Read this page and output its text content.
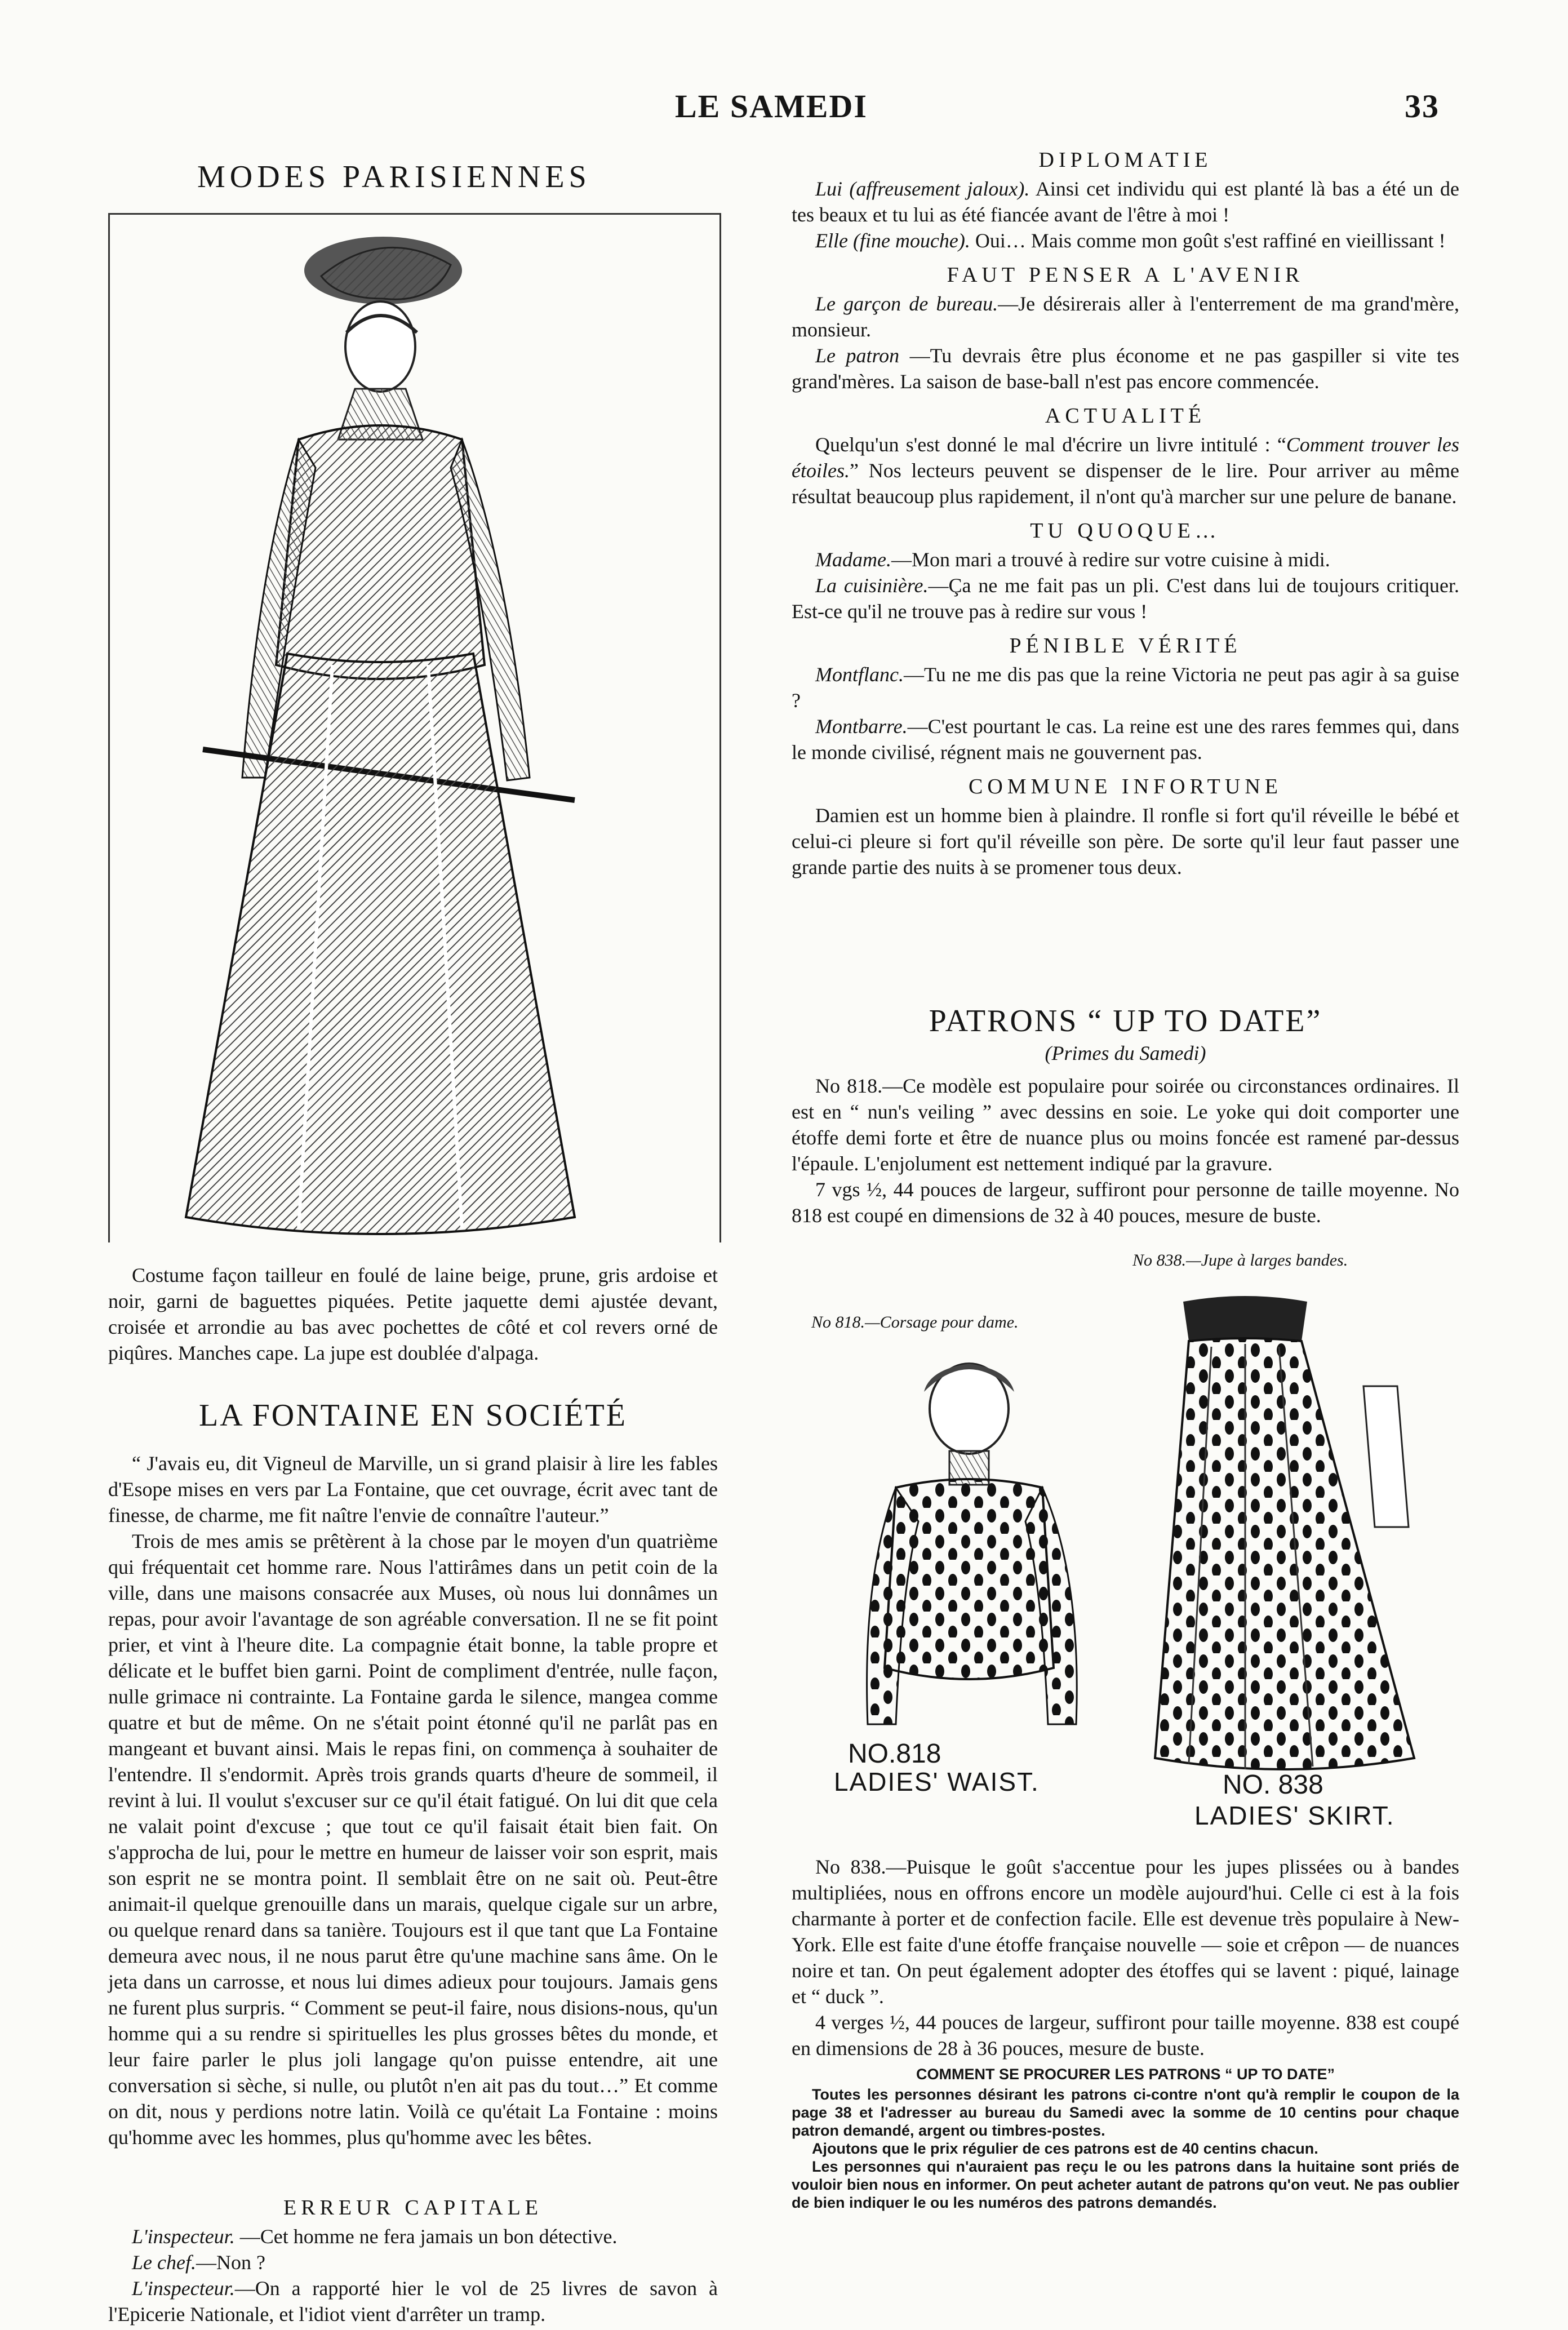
LE SAMEDI	33
MODES PARISIENNES

Costume façon tailleur en foulé de laine beige, prune, gris ardoise et noir, garni de baguettes piquées. Petite jaquette demi ajustée devant, croisée et arrondie au bas avec pochettes de côté et col revers orné de piqûres. Manches cape. La jupe est doublée d'alpaga.

LA FONTAINE EN SOCIÉTÉ

“ J'avais eu, dit Vigneul de Marville, un si grand plaisir à lire les fables d'Esope mises en vers par La Fontaine, que cet ouvrage, écrit avec tant de finesse, de charme, me fit naître l'envie de connaître l'auteur.”

Trois de mes amis se prêtèrent à la chose par le moyen d'un quatrième qui fréquentait cet homme rare. Nous l'attirâmes dans un petit coin de la ville, dans une maisons consacrée aux Muses, où nous lui donnâmes un repas, pour avoir l'avantage de son agréable conversation. Il ne se fit point prier, et vint à l'heure dite. La compagnie était bonne, la table propre et délicate et le buffet bien garni. Point de compliment d'entrée, nulle façon, nulle grimace ni contrainte. La Fontaine garda le silence, mangea comme quatre et but de même. On ne s'était point étonné qu'il ne parlât pas en mangeant et buvant ainsi. Mais le repas fini, on commença à souhaiter de l'entendre. Il s'endormit. Après trois grands quarts d'heure de sommeil, il revint à lui. Il voulut s'excuser sur ce qu'il était fatigué. On lui dit que cela ne valait point d'excuse ; que tout ce qu'il faisait était bien fait. On s'approcha de lui, pour le mettre en humeur de laisser voir son esprit, mais son esprit ne se montra point. Il semblait être on ne sait où. Peut-être animait-il quelque grenouille dans un marais, quelque cigale sur un arbre, ou quelque renard dans sa tanière. Toujours est il que tant que La Fontaine demeura avec nous, il ne nous parut être qu'une machine sans âme. On le jeta dans un carrosse, et nous lui dimes adieux pour toujours. Jamais gens ne furent plus surpris. “ Comment se peut-il faire, nous disions-nous, qu'un homme qui a su rendre si spirituelles les plus grosses bêtes du monde, et leur faire parler le plus joli langage qu'on puisse entendre, ait une conversation si sèche, si nulle, ou plutôt n'en ait pas du tout…” Et comme on dit, nous y perdions notre latin. Voilà ce qu'était La Fontaine : moins qu'homme avec les hommes, plus qu'homme avec les bêtes.

ERREUR CAPITALE

L'inspecteur. —Cet homme ne fera jamais un bon détective.

Le chef.—Non ?

L'inspecteur.—On a rapporté hier le vol de 25 livres de savon à l'Epicerie Nationale, et l'idiot vient d'arrêter un tramp.

DIPLOMATIE

Lui (affreusement jaloux). Ainsi cet individu qui est planté là bas a été un de tes beaux et tu lui as été fiancée avant de l'être à moi !

Elle (fine mouche). Oui… Mais comme mon goût s'est raffiné en vieillissant !

FAUT PENSER A L'AVENIR

Le garçon de bureau.—Je désirerais aller à l'enterrement de ma grand'mère, monsieur.

Le patron —Tu devrais être plus économe et ne pas gaspiller si vite tes grand'mères. La saison de base-ball n'est pas encore commencée.

ACTUALITÉ

Quelqu'un s'est donné le mal d'écrire un livre intitulé : “Comment trouver les étoiles.” Nos lecteurs peuvent se dispenser de le lire. Pour arriver au même résultat beaucoup plus rapidement, il n'ont qu'à marcher sur une pelure de banane.

TU QUOQUE…

Madame.—Mon mari a trouvé à redire sur votre cuisine à midi.

La cuisinière.—Ça ne me fait pas un pli. C'est dans lui de toujours critiquer. Est-ce qu'il ne trouve pas à redire sur vous !

PÉNIBLE VÉRITÉ

Montflanc.—Tu ne me dis pas que la reine Victoria ne peut pas agir à sa guise ?

Montbarre.—C'est pourtant le cas. La reine est une des rares femmes qui, dans le monde civilisé, régnent mais ne gouvernent pas.

COMMUNE INFORTUNE

Damien est un homme bien à plaindre. Il ronfle si fort qu'il réveille le bébé et celui-ci pleure si fort qu'il réveille son père. De sorte qu'il leur faut passer une grande partie des nuits à se promener tous deux.

PATRONS “ UP TO DATE”

(Primes du Samedi)

No 818.—Ce modèle est populaire pour soirée ou circonstances ordinaires. Il est en “ nun's veiling ” avec dessins en soie. Le yoke qui doit comporter une étoffe demi forte et être de nuance plus ou moins foncée est ramené par-dessus l'épaule. L'enjolument est nettement indiqué par la gravure.

7 vgs ½, 44 pouces de largeur, suffiront pour personne de taille moyenne. No 818 est coupé en dimensions de 32 à 40 pouces, mesure de buste.

No 838.—Jupe à larges bandes.
No 818.—Corsage pour dame.
NO.818
LADIES' WAIST.	NO. 838
LADIES' SKIRT.

No 838.—Puisque le goût s'accentue pour les jupes plissées ou à bandes multipliées, nous en offrons encore un modèle aujourd'hui. Celle ci est à la fois charmante à porter et de confection facile. Elle est devenue très populaire à New-York. Elle est faite d'une étoffe française nouvelle — soie et crêpon — de nuances noire et tan. On peut également adopter des étoffes qui se lavent : piqué, lainage et “ duck ”.

4 verges ½, 44 pouces de largeur, suffiront pour taille moyenne. 838 est coupé en dimensions de 28 à 36 pouces, mesure de buste.

COMMENT SE PROCURER LES PATRONS “ UP TO DATE”

Toutes les personnes désirant les patrons ci-contre n'ont qu'à remplir le coupon de la page 38 et l'adresser au bureau du Samedi avec la somme de 10 centins pour chaque patron demandé, argent ou timbres-postes.

Ajoutons que le prix régulier de ces patrons est de 40 centins chacun.

Les personnes qui n'auraient pas reçu le ou les patrons dans la huitaine sont priés de vouloir bien nous en informer. On peut acheter autant de patrons qu'on veut. Ne pas oublier de bien indiquer le ou les numéros des patrons demandés.
